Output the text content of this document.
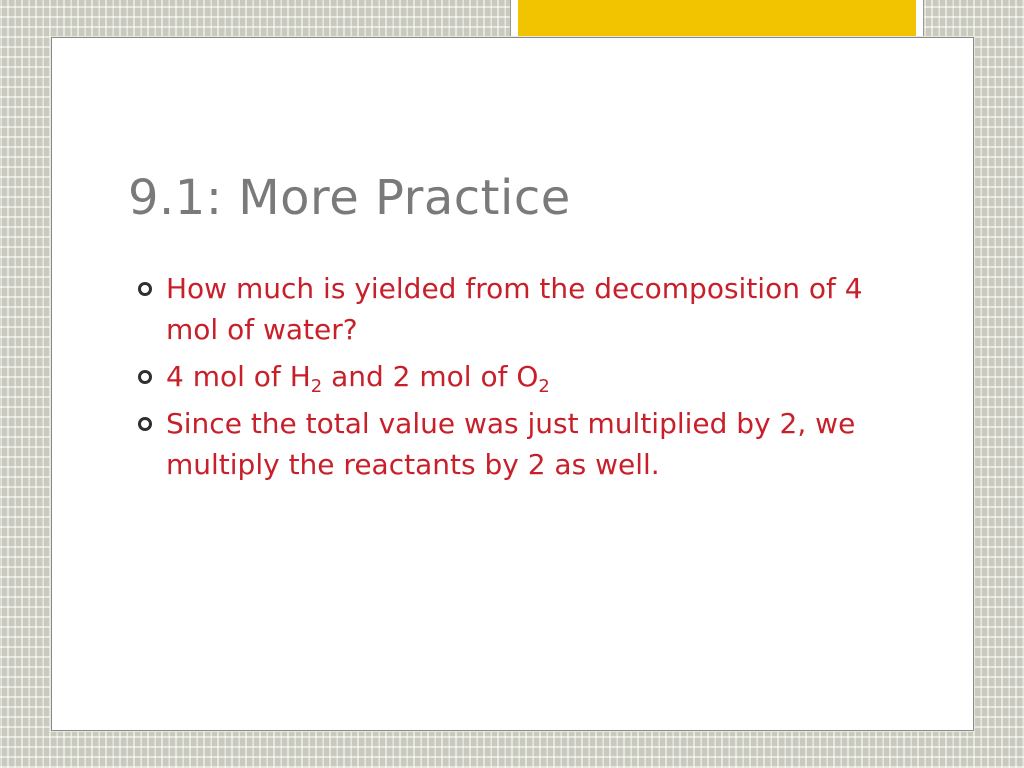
9.1: More Practice
How much is yielded from the decomposition of 4 mol of water?
4 mol of $H_2$ and 2 mol of $O_2$
Since the total value was just multiplied by 2, we multiply the reactants by 2 as well.
